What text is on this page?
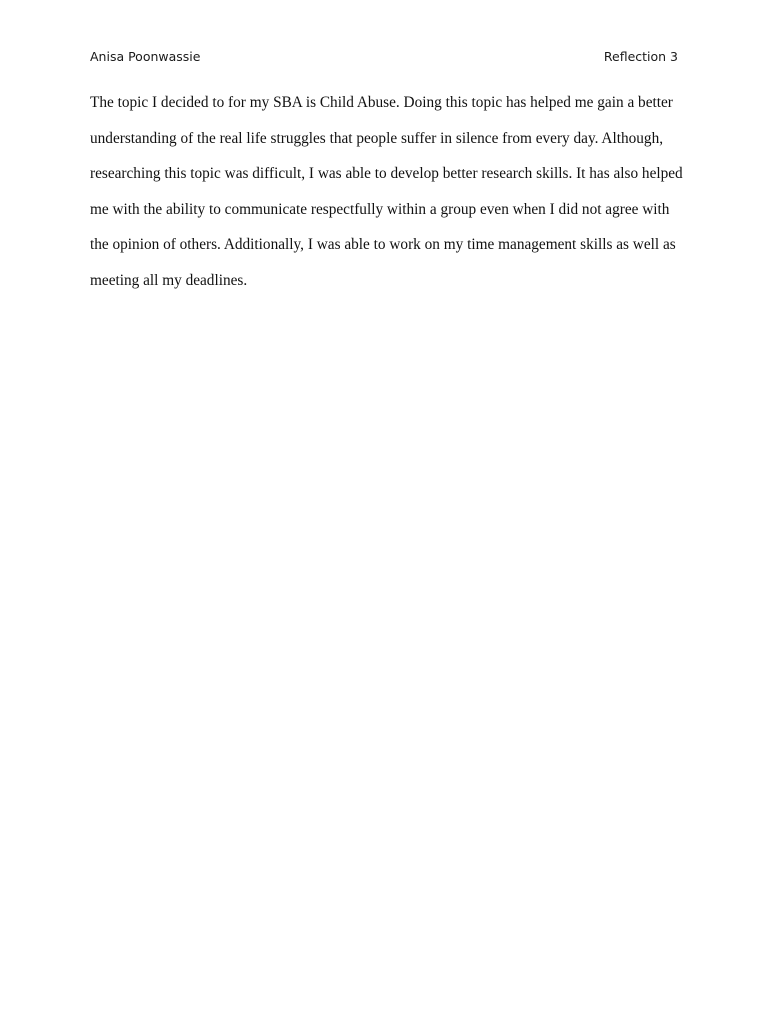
Anisa Poonwassie	Reflection 3

The topic I decided to for my SBA is Child Abuse. Doing this topic has helped me gain a better
understanding of the real life struggles that people suffer in silence from every day. Although,
researching this topic was difficult, I was able to develop better research skills. It has also helped
me with the ability to communicate respectfully within a group even when I did not agree with
the opinion of others. Additionally, I was able to work on my time management skills as well as
meeting all my deadlines.
